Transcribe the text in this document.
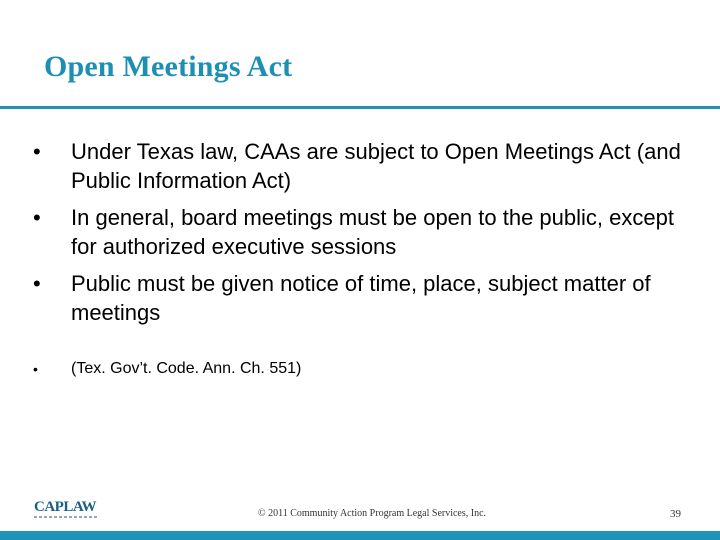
Open Meetings Act
• Under Texas law, CAAs are subject to Open Meetings Act (and Public Information Act)
• In general, board meetings must be open to the public, except for authorized executive sessions
• Public must be given notice of time, place, subject matter of meetings
• (Tex. Gov’t. Code. Ann. Ch. 551)
CAPLAW	© 2011 Community Action Program Legal Services, Inc.	39
